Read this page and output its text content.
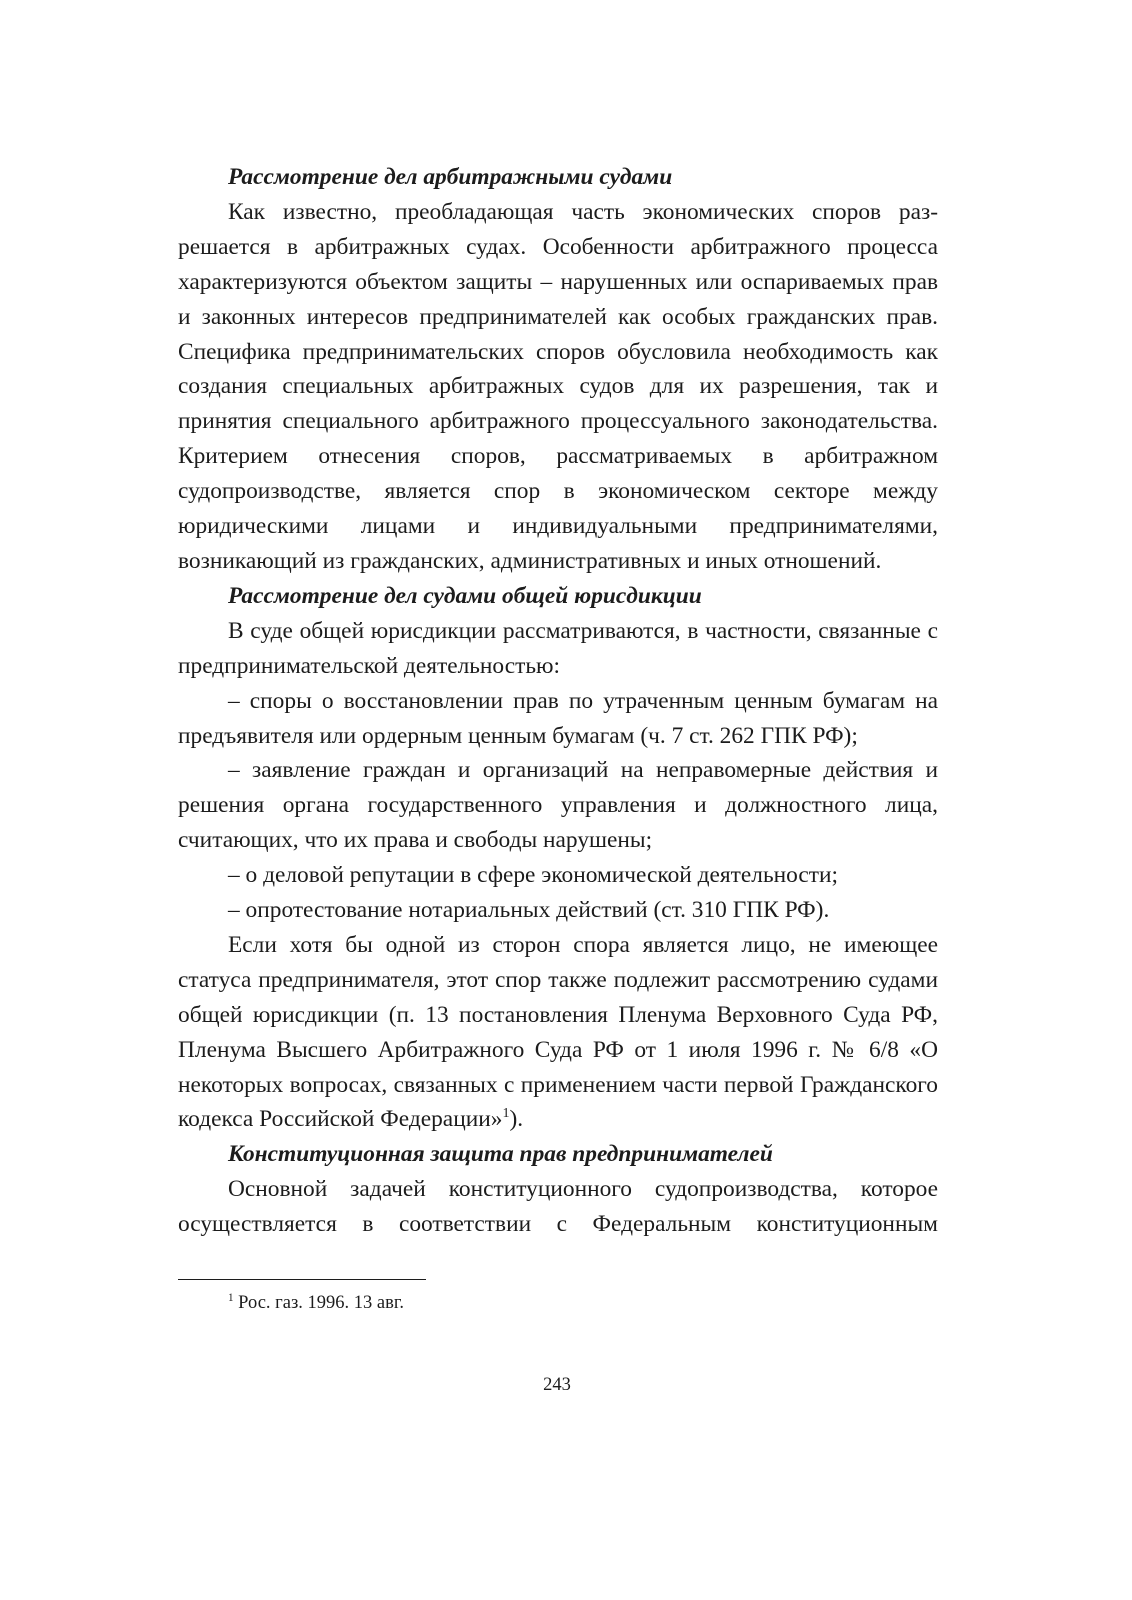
Рассмотрение дел арбитражными судами

Как известно, преобладающая часть экономических споров разрешается в арбитражных судах. Особенности арбитражного процесса характеризуются объектом защиты – нарушенных или оспариваемых прав и законных интересов предпринимателей как особых гражданских прав. Специфика предпринимательских споров обусловила необходимость как создания специальных арбитражных судов для их разрешения, так и принятия специального арбитражного процессуального законодательства. Критерием отнесения споров, рассматриваемых в арбитражном судопроизводстве, является спор в экономическом секторе между юридическими лицами и индивидуальными предпринимателями, возникающий из гражданских, административных и иных отношений.

Рассмотрение дел судами общей юрисдикции

В суде общей юрисдикции рассматриваются, в частности, связанные с предпринимательской деятельностью:

– споры о восстановлении прав по утраченным ценным бумагам на предъявителя или ордерным ценным бумагам (ч. 7 ст. 262 ГПК РФ);

– заявление граждан и организаций на неправомерные действия и решения органа государственного управления и должностного лица, считающих, что их права и свободы нарушены;

– о деловой репутации в сфере экономической деятельности;

– опротестование нотариальных действий (ст. 310 ГПК РФ).

Если хотя бы одной из сторон спора является лицо, не имеющее статуса предпринимателя, этот спор также подлежит рассмотрению судами общей юрисдикции (п. 13 постановления Пленума Верховного Суда РФ, Пленума Высшего Арбитражного Суда РФ от 1 июля 1996 г. № 6/8 «О некоторых вопросах, связанных с применением части первой Гражданского кодекса Российской Федерации»$^1$).

Конституционная защита прав предпринимателей

Основной задачей конституционного судопроизводства, которое осуществляется в соответствии с Федеральным конституционным

$^1$ Рос. газ. 1996. 13 авг.
243
